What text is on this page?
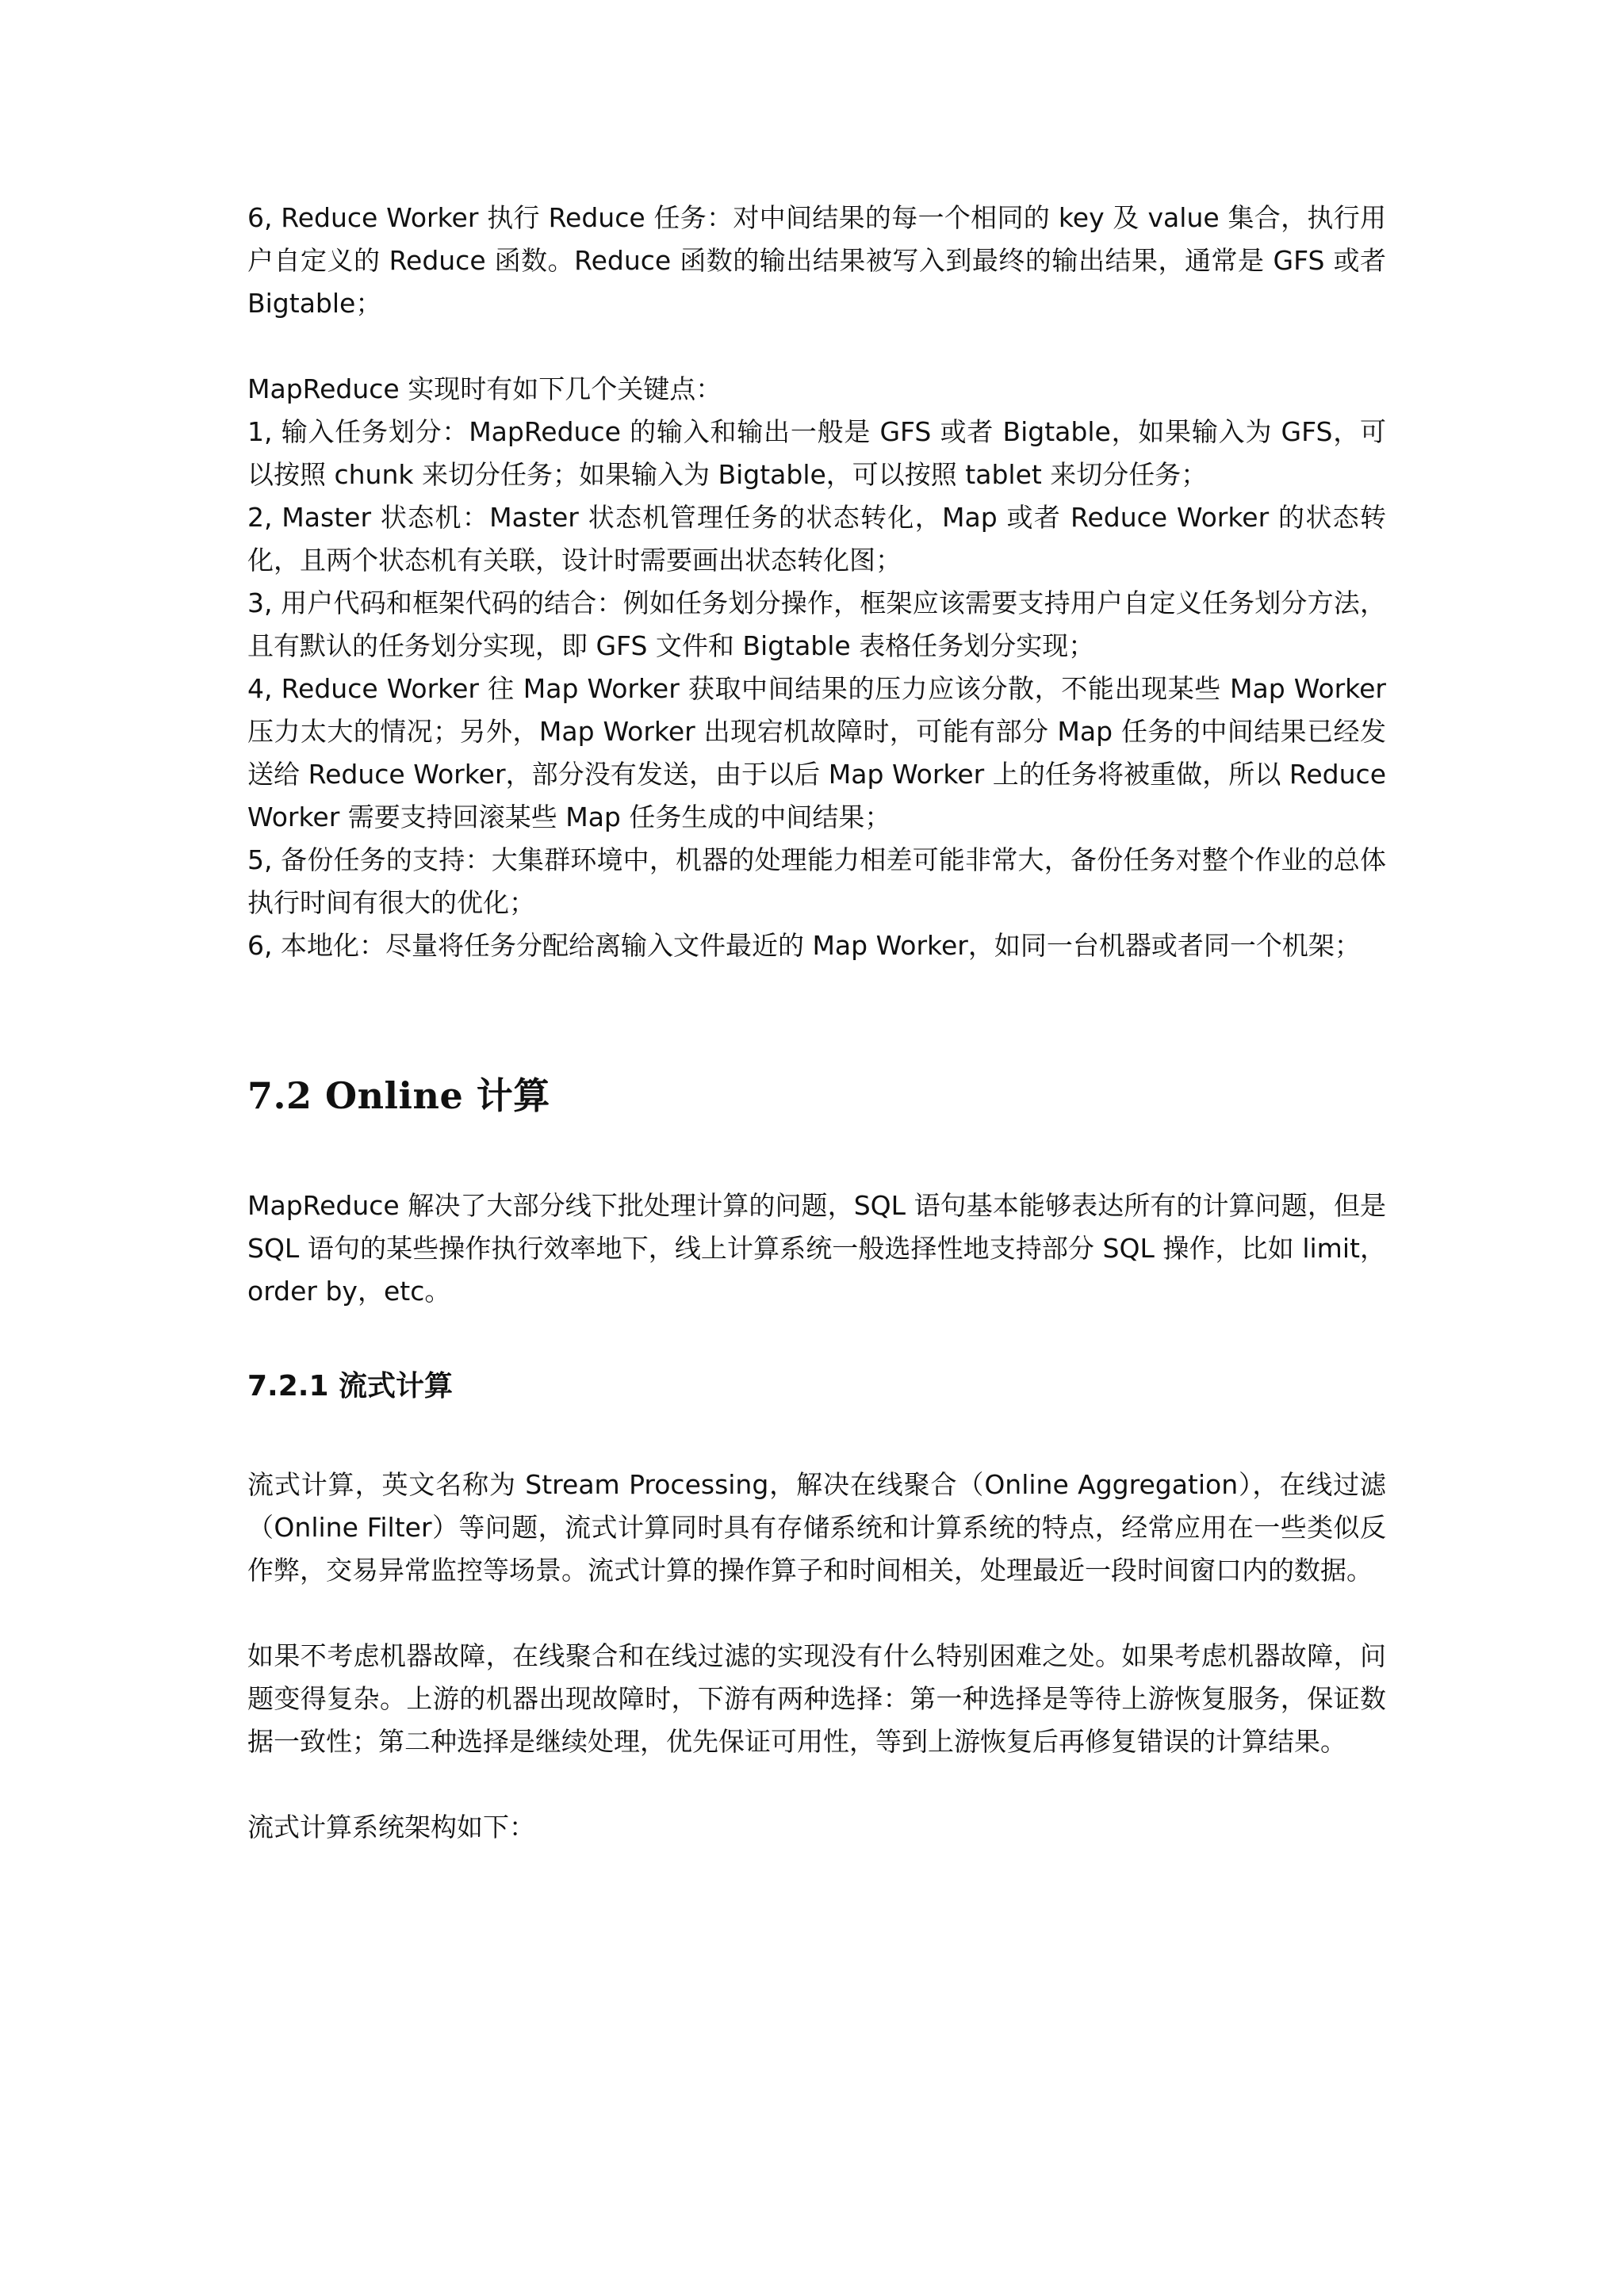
6, Reduce Worker 执行 Reduce 任务：对中间结果的每一个相同的 key 及 value 集合，执行用户自定义的 Reduce 函数。Reduce 函数的输出结果被写入到最终的输出结果，通常是 GFS 或者 Bigtable；

MapReduce 实现时有如下几个关键点：

1, 输入任务划分：MapReduce 的输入和输出一般是 GFS 或者 Bigtable，如果输入为 GFS，可以按照 chunk 来切分任务；如果输入为 Bigtable，可以按照 tablet 来切分任务；

2, Master 状态机：Master 状态机管理任务的状态转化，Map 或者 Reduce Worker 的状态转化，且两个状态机有关联，设计时需要画出状态转化图；

3, 用户代码和框架代码的结合：例如任务划分操作，框架应该需要支持用户自定义任务划分方法，且有默认的任务划分实现，即 GFS 文件和 Bigtable 表格任务划分实现；

4, Reduce Worker 往 Map Worker 获取中间结果的压力应该分散，不能出现某些 Map Worker 压力太大的情况；另外，Map Worker 出现宕机故障时，可能有部分 Map 任务的中间结果已经发送给 Reduce Worker，部分没有发送，由于以后 Map Worker 上的任务将被重做，所以 Reduce Worker 需要支持回滚某些 Map 任务生成的中间结果；

5, 备份任务的支持：大集群环境中，机器的处理能力相差可能非常大，备份任务对整个作业的总体执行时间有很大的优化；

6, 本地化：尽量将任务分配给离输入文件最近的 Map Worker，如同一台机器或者同一个机架；

7.2 Online 计算

MapReduce 解决了大部分线下批处理计算的问题，SQL 语句基本能够表达所有的计算问题，但是 SQL 语句的某些操作执行效率地下，线上计算系统一般选择性地支持部分 SQL 操作，比如 limit，order by，etc。

7.2.1 流式计算

流式计算，英文名称为 Stream Processing，解决在线聚合（Online Aggregation），在线过滤（Online Filter）等问题，流式计算同时具有存储系统和计算系统的特点，经常应用在一些类似反作弊，交易异常监控等场景。流式计算的操作算子和时间相关，处理最近一段时间窗口内的数据。

如果不考虑机器故障，在线聚合和在线过滤的实现没有什么特别困难之处。如果考虑机器故障，问题变得复杂。上游的机器出现故障时，下游有两种选择：第一种选择是等待上游恢复服务，保证数据一致性；第二种选择是继续处理，优先保证可用性，等到上游恢复后再修复错误的计算结果。

流式计算系统架构如下：
